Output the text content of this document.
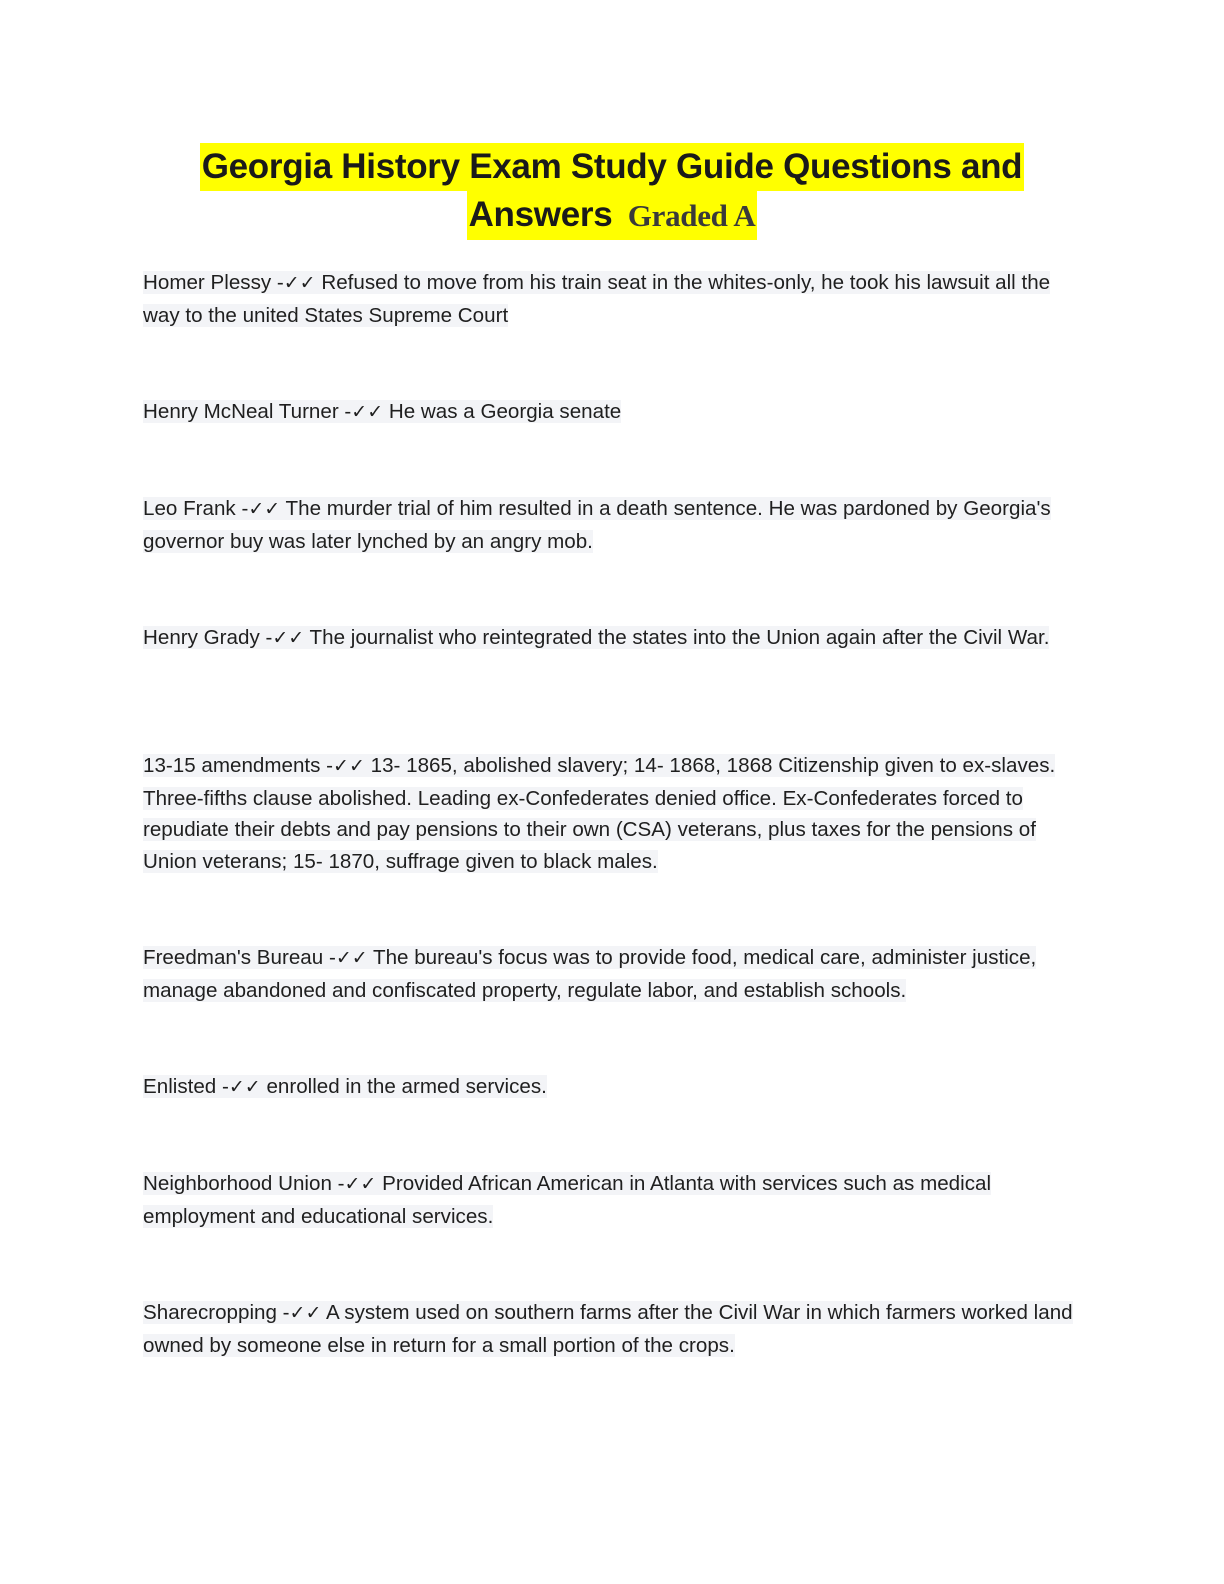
Georgia History Exam Study Guide Questions and
Answers Graded A
Homer Plessy -✓✓ Refused to move from his train seat in the whites-only, he took his lawsuit all the way to the united States Supreme Court
Henry McNeal Turner -✓✓ He was a Georgia senate
Leo Frank -✓✓ The murder trial of him resulted in a death sentence. He was pardoned by Georgia's governor buy was later lynched by an angry mob.
Henry Grady -✓✓ The journalist who reintegrated the states into the Union again after the Civil War.
13-15 amendments -✓✓ 13- 1865, abolished slavery; 14- 1868, 1868 Citizenship given to ex-slaves. Three-fifths clause abolished. Leading ex-Confederates denied office. Ex-Confederates forced to repudiate their debts and pay pensions to their own (CSA) veterans, plus taxes for the pensions of Union veterans; 15- 1870, suffrage given to black males.
Freedman's Bureau -✓✓ The bureau's focus was to provide food, medical care, administer justice, manage abandoned and confiscated property, regulate labor, and establish schools.
Enlisted -✓✓ enrolled in the armed services.
Neighborhood Union -✓✓ Provided African American in Atlanta with services such as medical employment and educational services.
Sharecropping -✓✓ A system used on southern farms after the Civil War in which farmers worked land owned by someone else in return for a small portion of the crops.
